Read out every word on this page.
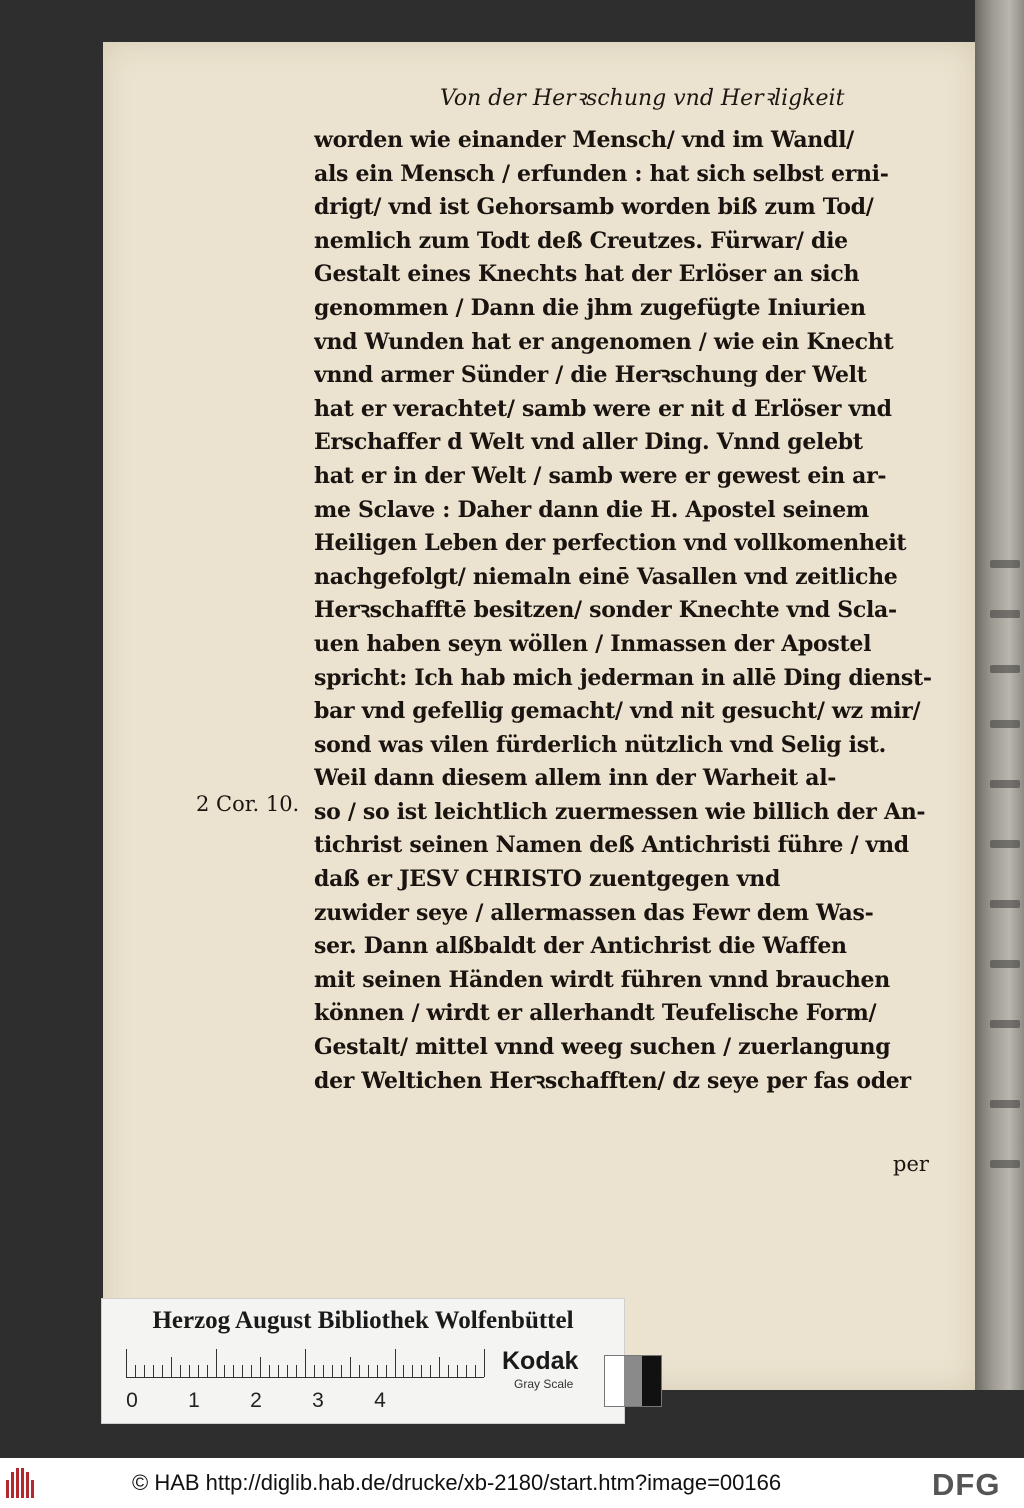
Von der Herꝛschung vnd Herꝛligkeit
worden wie einander Mensch/ vnd im Wandl/
als ein Mensch / erfunden : hat sich selbst erni-
drigt/ vnd ist Gehorsamb worden biß zum Tod/
nemlich zum Todt deß Creutzes. Fürwar/ die
Gestalt eines Knechts hat der Erlöser an sich
genommen / Dann die jhm zugefügte Iniurien
vnd Wunden hat er angenomen / wie ein Knecht
vnnd armer Sünder / die Herꝛschung der Welt
hat er verachtet/ samb were er nit d Erlöser vnd
Erschaffer d Welt vnd aller Ding. Vnnd gelebt
hat er in der Welt / samb were er gewest ein ar-
me Sclave : Daher dann die H. Apostel seinem
Heiligen Leben der perfection vnd vollkomenheit
nachgefolgt/ niemaln einē Vasallen vnd zeitliche
Herꝛschafftē besitzen/ sonder Knechte vnd Scla-
uen haben seyn wöllen / Inmassen der Apostel
spricht: Ich hab mich jederman in allē Ding dienst-
bar vnd gefellig gemacht/ vnd nit gesucht/ wz mir/
sond was vilen fürderlich nützlich vnd Selig ist.
Weil dann diesem allem inn der Warheit al-
so / so ist leichtlich zuermessen wie billich der An-
tichrist seinen Namen deß Antichristi führe / vnd
daß er JESV CHRISTO zuentgegen vnd
zuwider seye / allermassen das Fewr dem Was-
ser. Dann alßbaldt der Antichrist die Waffen
mit seinen Händen wirdt führen vnnd brauchen
können / wirdt er allerhandt Teufelische Form/
Gestalt/ mittel vnnd weeg suchen / zuerlangung
der Weltichen Herꝛschafften/ dz seye per fas oder
2 Cor. 10.
per
Herzog August Bibliothek Wolfenbüttel
0 1 2 3 4
Kodak
Gray Scale
© HAB http://diglib.hab.de/drucke/xb-2180/start.htm?image=00166	DFG
